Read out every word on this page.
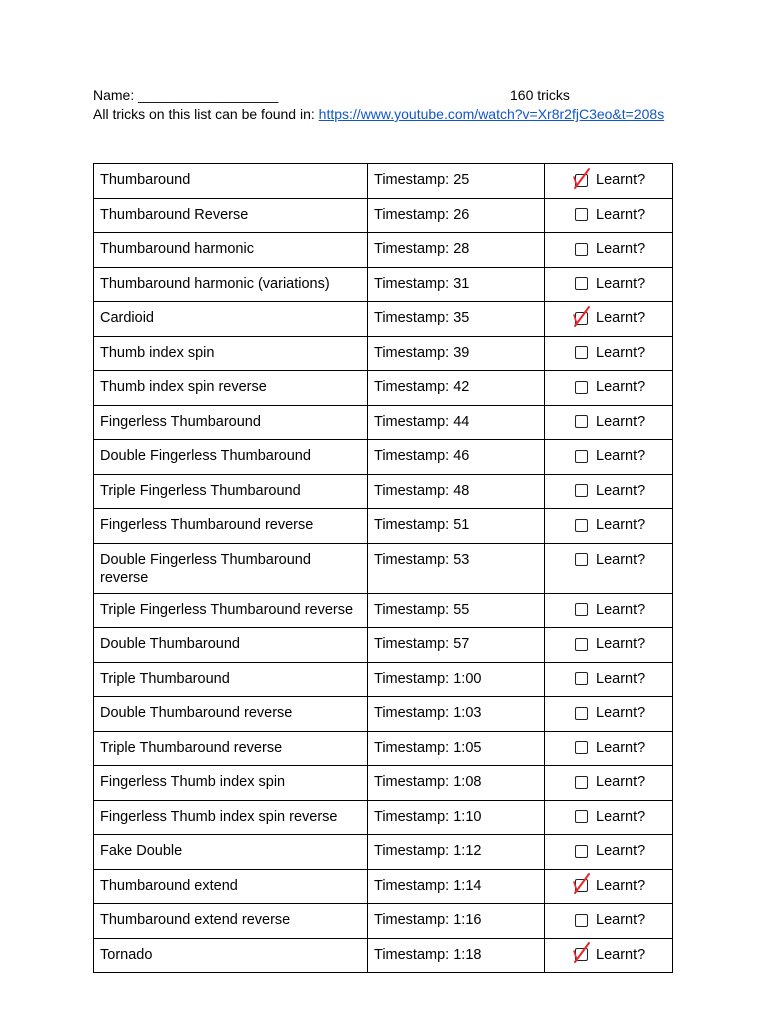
Name: __________________	160 tricks
All tricks on this list can be found in: https://www.youtube.com/watch?v=Xr8r2fjC3eo&t=208s
Thumbaround	Timestamp: 25	Learnt?

Thumbaround Reverse	Timestamp: 26	Learnt?

Thumbaround harmonic	Timestamp: 28	Learnt?

Thumbaround harmonic (variations)	Timestamp: 31	Learnt?

Cardioid	Timestamp: 35	Learnt?

Thumb index spin	Timestamp: 39	Learnt?

Thumb index spin reverse	Timestamp: 42	Learnt?

Fingerless Thumbaround	Timestamp: 44	Learnt?

Double Fingerless Thumbaround	Timestamp: 46	Learnt?

Triple Fingerless Thumbaround	Timestamp: 48	Learnt?

Fingerless Thumbaround reverse	Timestamp: 51	Learnt?

Double Fingerless Thumbaround reverse	Timestamp: 53	Learnt?

Triple Fingerless Thumbaround reverse	Timestamp: 55	Learnt?

Double Thumbaround	Timestamp: 57	Learnt?

Triple Thumbaround	Timestamp: 1:00	Learnt?

Double Thumbaround reverse	Timestamp: 1:03	Learnt?

Triple Thumbaround reverse	Timestamp: 1:05	Learnt?

Fingerless Thumb index spin	Timestamp: 1:08	Learnt?

Fingerless Thumb index spin reverse	Timestamp: 1:10	Learnt?

Fake Double	Timestamp: 1:12	Learnt?

Thumbaround extend	Timestamp: 1:14	Learnt?

Thumbaround extend reverse	Timestamp: 1:16	Learnt?

Tornado	Timestamp: 1:18	Learnt?
